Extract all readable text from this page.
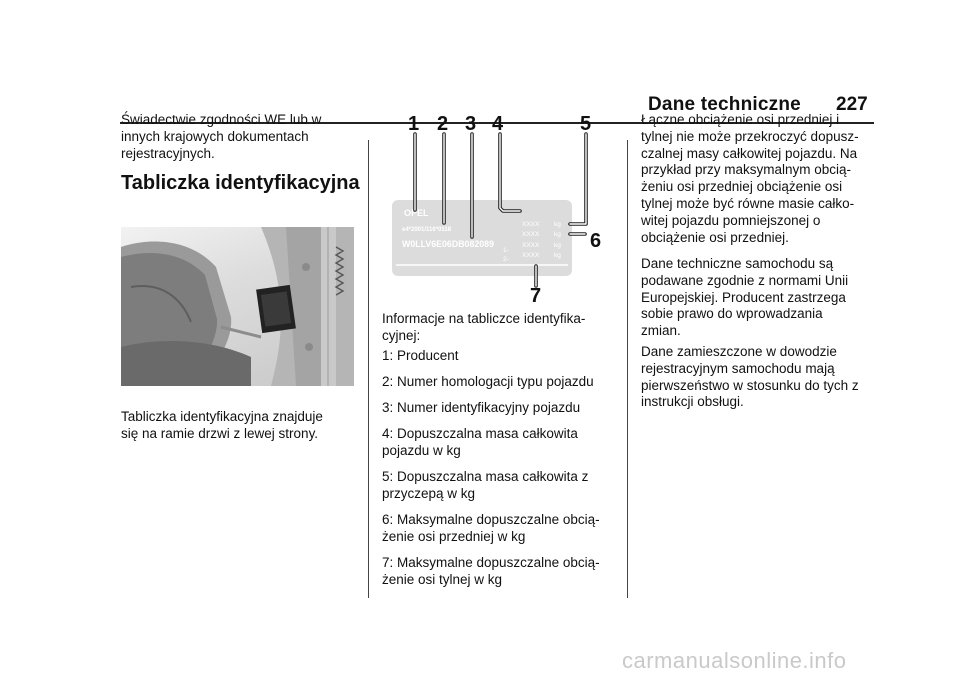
Dane techniczne 227

Świadectwie zgodności WE lub w
innych krajowych dokumentach
rejestracyjnych.

Tabliczka identyfikacyjna

Tabliczka identyfikacyjna znajduje
się na ramie drzwi z lewej strony.

OPEL
e4*2001/116*0118
W0LLV6E06DB082089
1-
2-
XXXX
XXXX
XXXX
XXXX
kg
kg
kg
kg
1 2 3 4	5
6
7

Informacje na tabliczce identyfika-
cyjnej:

1: Producent

2: Numer homologacji typu pojazdu

3: Numer identyfikacyjny pojazdu

4: Dopuszczalna masa całkowita
pojazdu w kg

5: Dopuszczalna masa całkowita z
przyczepą w kg

6: Maksymalne dopuszczalne obcią-
żenie osi przedniej w kg

7: Maksymalne dopuszczalne obcią-
żenie osi tylnej w kg

Łączne obciążenie osi przedniej i
tylnej nie może przekroczyć dopusz-
czalnej masy całkowitej pojazdu. Na
przykład przy maksymalnym obcią-
żeniu osi przedniej obciążenie osi
tylnej może być równe masie całko-
witej pojazdu pomniejszonej o
obciążenie osi przedniej.

Dane techniczne samochodu są
podawane zgodnie z normami Unii
Europejskiej. Producent zastrzega
sobie prawo do wprowadzania
zmian.

Dane zamieszczone w dowodzie
rejestracyjnym samochodu mają
pierwszeństwo w stosunku do tych z
instrukcji obsługi.

carmanualsonline.info
